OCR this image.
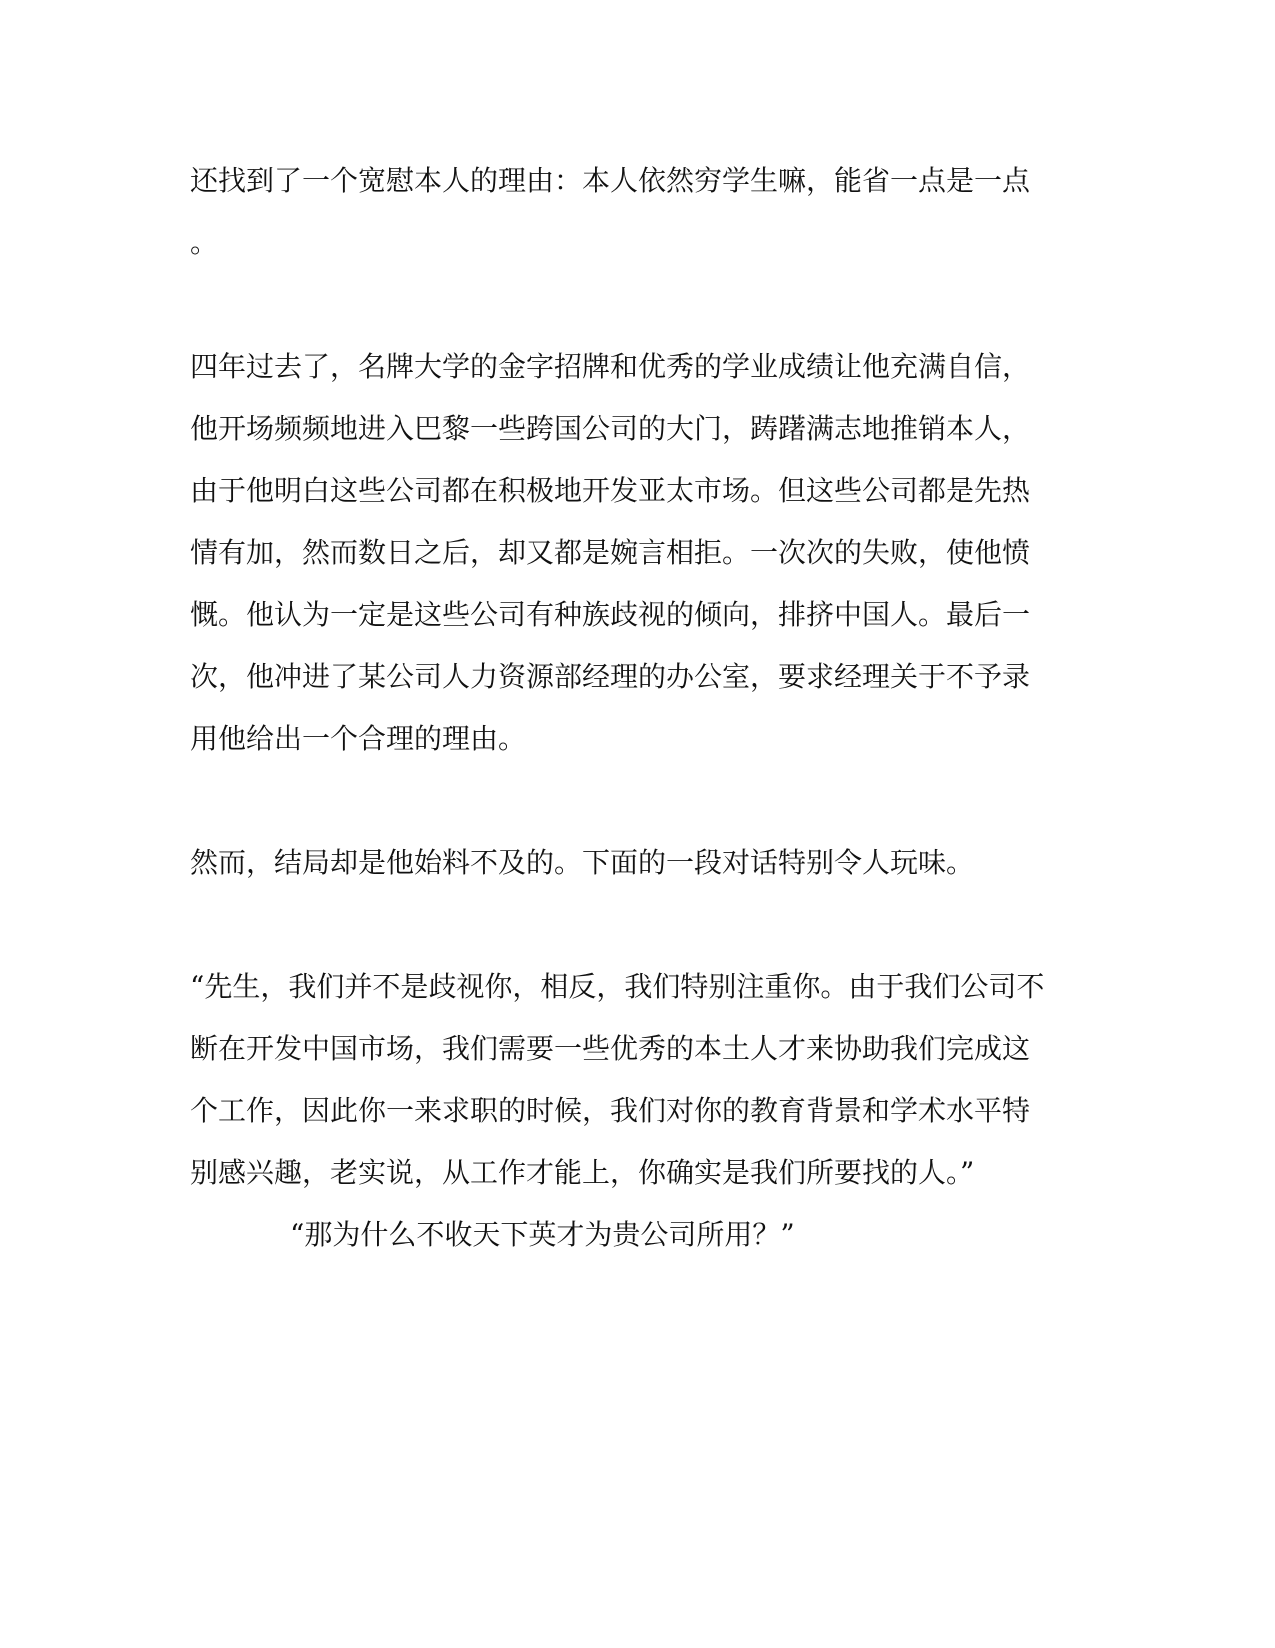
还找到了一个宽慰本人的理由：本人依然穷学生嘛，能省一点是一点
。
四年过去了，名牌大学的金字招牌和优秀的学业成绩让他充满自信，
他开场频频地进入巴黎一些跨国公司的大门，踌躇满志地推销本人，
由于他明白这些公司都在积极地开发亚太市场。但这些公司都是先热
情有加，然而数日之后，却又都是婉言相拒。一次次的失败，使他愤
慨。他认为一定是这些公司有种族歧视的倾向，排挤中国人。最后一
次，他冲进了某公司人力资源部经理的办公室，要求经理关于不予录
用他给出一个合理的理由。
然而，结局却是他始料不及的。下面的一段对话特别令人玩味。
“先生，我们并不是歧视你，相反，我们特别注重你。由于我们公司不
断在开发中国市场，我们需要一些优秀的本土人才来协助我们完成这
个工作，因此你一来求职的时候，我们对你的教育背景和学术水平特
别感兴趣，老实说，从工作才能上，你确实是我们所要找的人。”
“那为什么不收天下英才为贵公司所用？”
